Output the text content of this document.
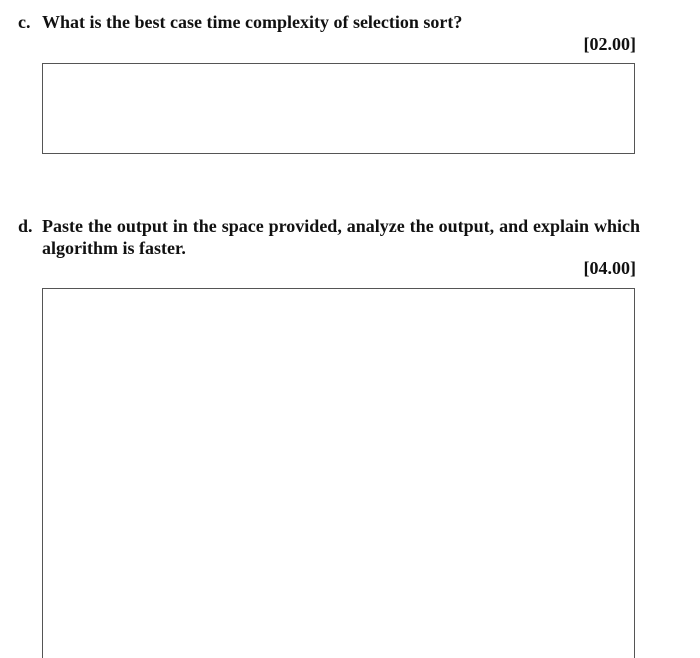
c. What is the best case time complexity of selection sort?
[02.00]
d. Paste the output in the space provided, analyze the output, and explain which algorithm is faster.
[04.00]
